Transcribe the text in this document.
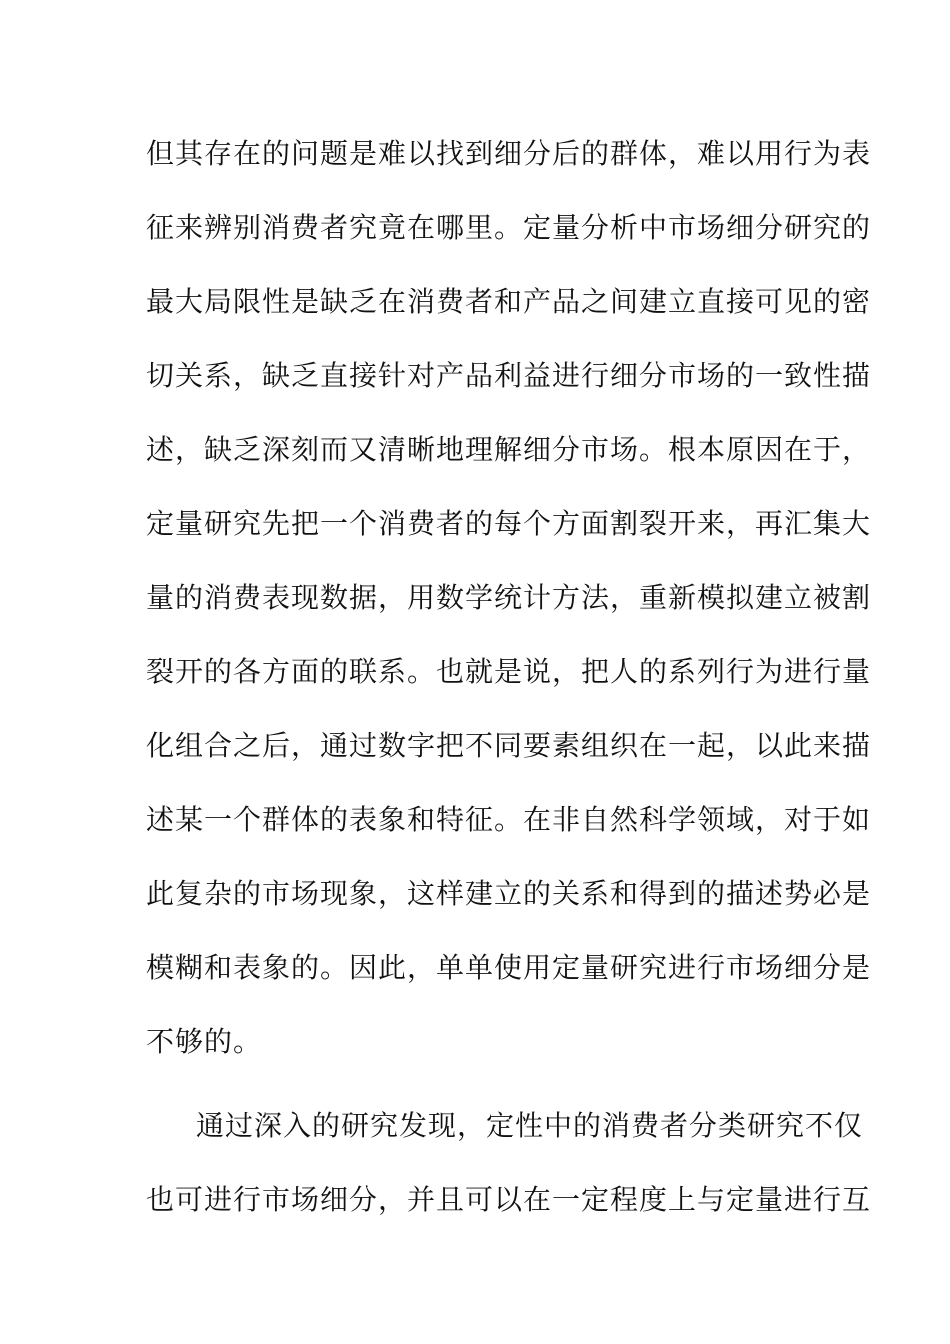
但其存在的问题是难以找到细分后的群体，难以用行为表
征来辨别消费者究竟在哪里。定量分析中市场细分研究的
最大局限性是缺乏在消费者和产品之间建立直接可见的密
切关系，缺乏直接针对产品利益进行细分市场的一致性描
述，缺乏深刻而又清晰地理解细分市场。根本原因在于，
定量研究先把一个消费者的每个方面割裂开来，再汇集大
量的消费表现数据，用数学统计方法，重新模拟建立被割
裂开的各方面的联系。也就是说，把人的系列行为进行量
化组合之后，通过数字把不同要素组织在一起，以此来描
述某一个群体的表象和特征。在非自然科学领域，对于如
此复杂的市场现象，这样建立的关系和得到的描述势必是
模糊和表象的。因此，单单使用定量研究进行市场细分是
不够的。
通过深入的研究发现，定性中的消费者分类研究不仅
也可进行市场细分，并且可以在一定程度上与定量进行互
